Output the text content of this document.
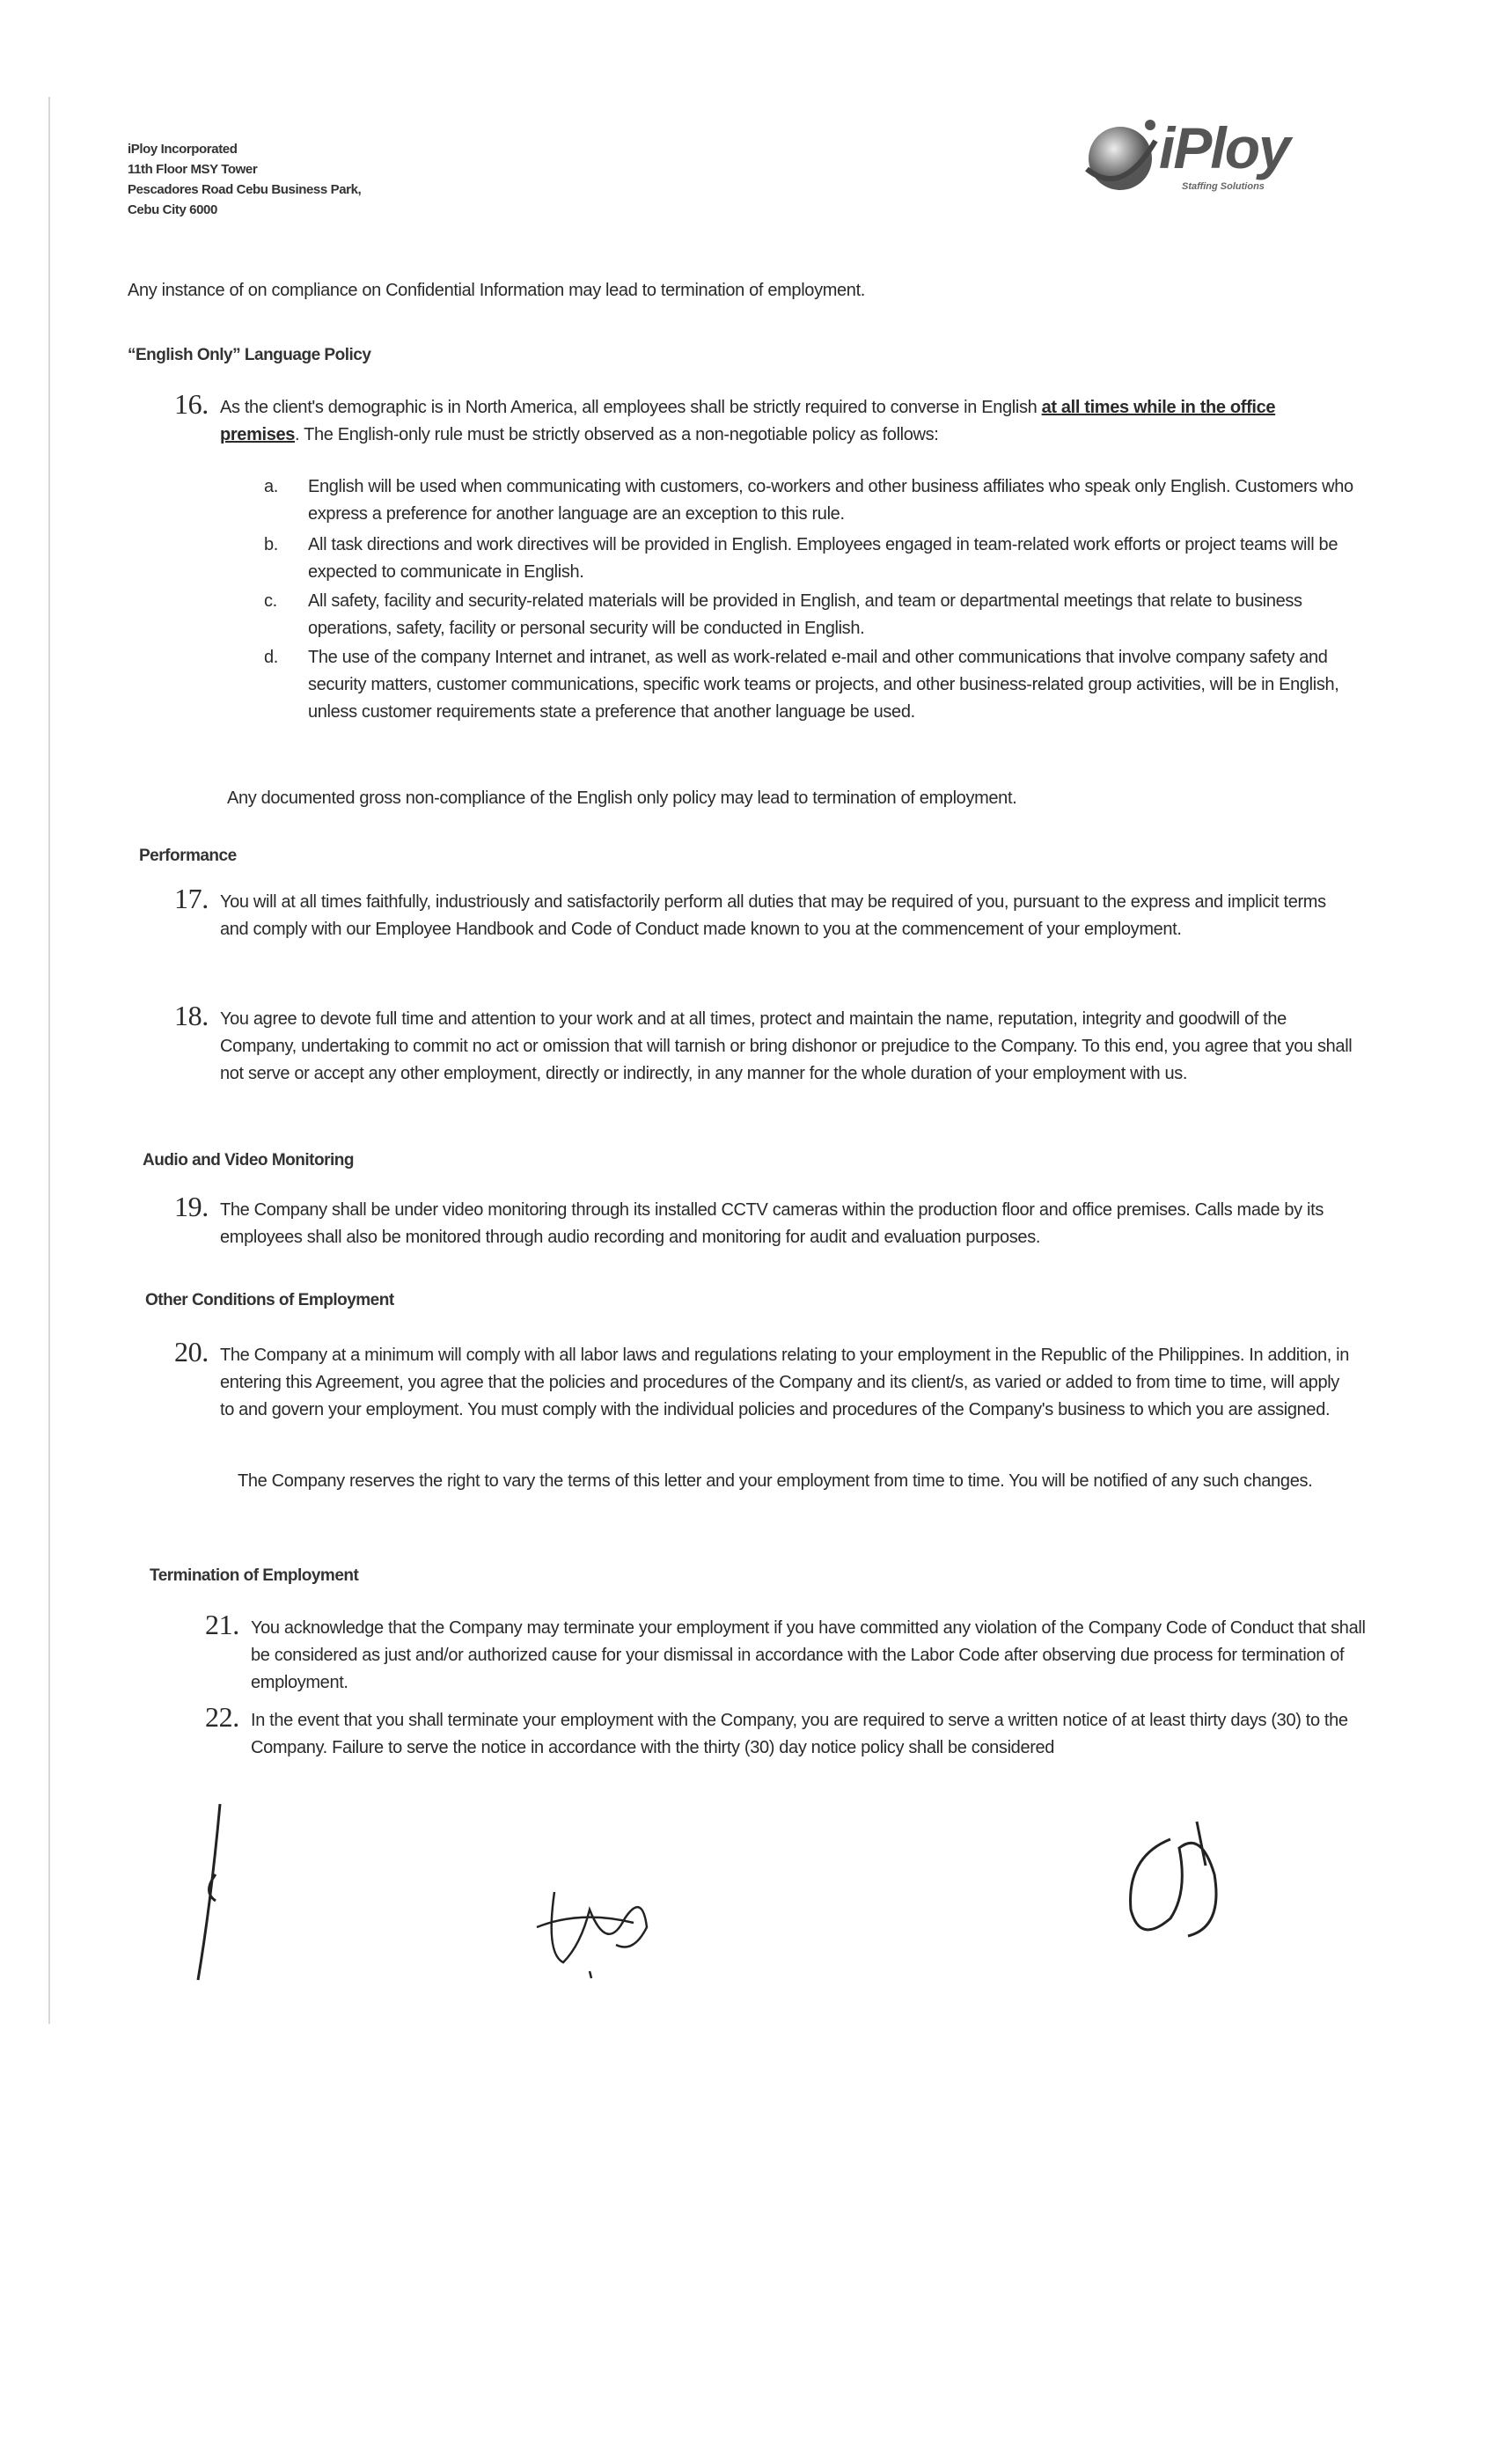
iPloy Incorporated
11th Floor MSY Tower
Pescadores Road Cebu Business Park,
Cebu City 6000
iPloy
Staffing Solutions
Any instance of on compliance on Confidential Information may lead to termination of employment.
“English Only” Language Policy
16. As the client's demographic is in North America, all employees shall be strictly required to converse in English at all times while in the office premises. The English-only rule must be strictly observed as a non-negotiable policy as follows:
a. English will be used when communicating with customers, co-workers and other business affiliates who speak only English. Customers who express a preference for another language are an exception to this rule.
b. All task directions and work directives will be provided in English. Employees engaged in team-related work efforts or project teams will be expected to communicate in English.
c. All safety, facility and security-related materials will be provided in English, and team or departmental meetings that relate to business operations, safety, facility or personal security will be conducted in English.
d. The use of the company Internet and intranet, as well as work-related e-mail and other communications that involve company safety and security matters, customer communications, specific work teams or projects, and other business-related group activities, will be in English, unless customer requirements state a preference that another language be used.
Any documented gross non-compliance of the English only policy may lead to termination of employment.
Performance
17. You will at all times faithfully, industriously and satisfactorily perform all duties that may be required of you, pursuant to the express and implicit terms and comply with our Employee Handbook and Code of Conduct made known to you at the commencement of your employment.
18. You agree to devote full time and attention to your work and at all times, protect and maintain the name, reputation, integrity and goodwill of the Company, undertaking to commit no act or omission that will tarnish or bring dishonor or prejudice to the Company. To this end, you agree that you shall not serve or accept any other employment, directly or indirectly, in any manner for the whole duration of your employment with us.
Audio and Video Monitoring
19. The Company shall be under video monitoring through its installed CCTV cameras within the production floor and office premises. Calls made by its employees shall also be monitored through audio recording and monitoring for audit and evaluation purposes.
Other Conditions of Employment
20. The Company at a minimum will comply with all labor laws and regulations relating to your employment in the Republic of the Philippines. In addition, in entering this Agreement, you agree that the policies and procedures of the Company and its client/s, as varied or added to from time to time, will apply to and govern your employment. You must comply with the individual policies and procedures of the Company's business to which you are assigned.
The Company reserves the right to vary the terms of this letter and your employment from time to time. You will be notified of any such changes.
Termination of Employment
21. You acknowledge that the Company may terminate your employment if you have committed any violation of the Company Code of Conduct that shall be considered as just and/or authorized cause for your dismissal in accordance with the Labor Code after observing due process for termination of employment.
22. In the event that you shall terminate your employment with the Company, you are required to serve a written notice of at least thirty days (30) to the Company. Failure to serve the notice in accordance with the thirty (30) day notice policy shall be considered
